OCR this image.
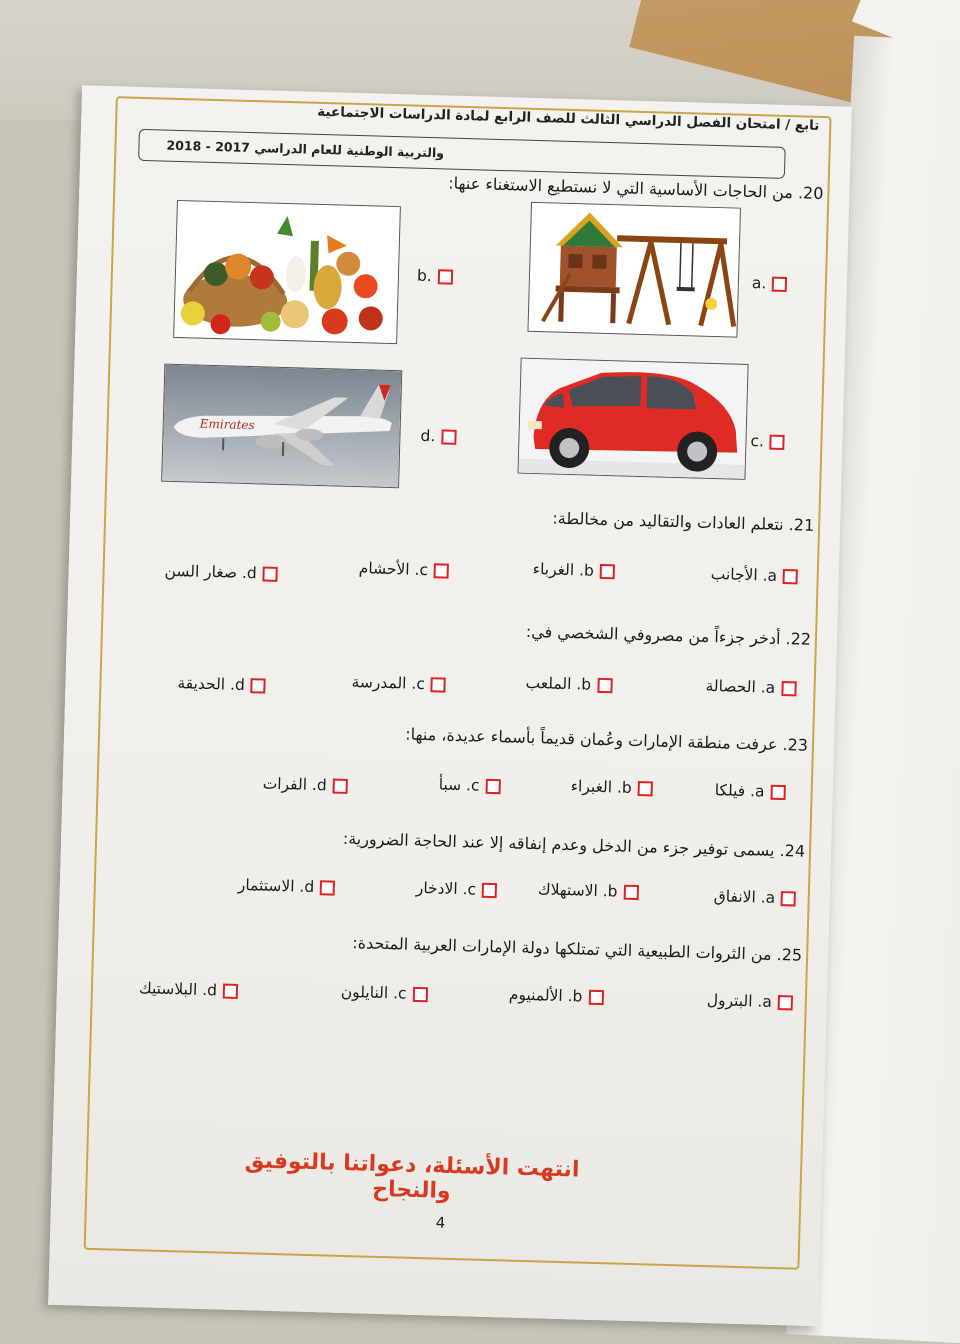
تابع / امتحان الفصل الدراسي الثالث للصف الرابع لمادة الدراسات الاجتماعية
والتربية الوطنية للعام الدراسي 2017 - 2018
20. من الحاجات الأساسية التي لا نستطيع الاستغناء عنها:
.a
.b
.c
.d
Emirates
21. نتعلم العادات والتقاليد من مخالطة:
a. الأجانب
b. الغرباء
c. الأحشام
d. صغار السن
22. أدخر جزءاً من مصروفي الشخصي في:
a. الحصالة
b. الملعب
c. المدرسة
d. الحديقة
23. عرفت منطقة الإمارات وعُمان قديماً بأسماء عديدة، منها:
a. فيلكا
b. الغبراء
c. سبأ
d. الفرات
24. يسمى توفير جزء من الدخل وعدم إنفاقه إلا عند الحاجة الضرورية:
a. الانفاق
b. الاستهلاك
c. الادخار
d. الاستثمار
25. من الثروات الطبيعية التي تمتلكها دولة الإمارات العربية المتحدة:
a. البترول
b. الألمنيوم
c. النايلون
d. البلاستيك
انتهت الأسئلة، دعواتنا بالتوفيق والنجاح
4
